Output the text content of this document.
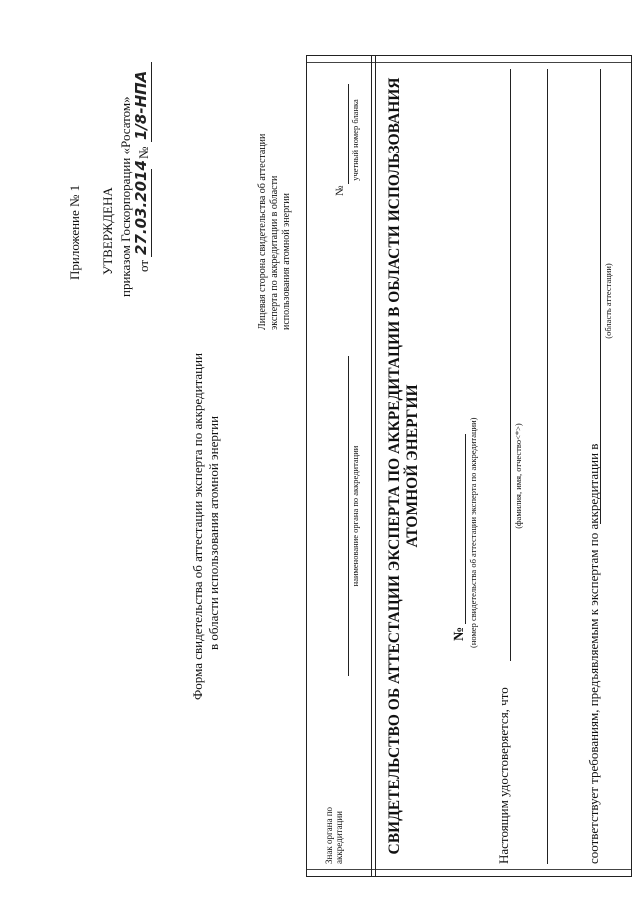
Приложение № 1 УТВЕРЖДЕНА приказом Госкорпорации «Росатом» от
27.03.2014
№
1/8-НПА
Форма свидетельства об аттестации эксперта по аккредитации в области использования атомной энергии
Лицевая сторона свидетельства об аттестации эксперта по аккредитации в области использования атомной энергии
Знак органа по аккредитации
наименование органа по аккредитации
№
учетный номер бланка СВИДЕТЕЛЬСТВО ОБ АТТЕСТАЦИИ ЭКСПЕРТА ПО АККРЕДИТАЦИИ В ОБЛАСТИ ИСПОЛЬЗОВАНИЯ АТОМНОЙ ЭНЕРГИИ
№ (номер свидетельства об аттестации эксперта по аккредитации)
Настоящим удостоверяется, что
(фамилия, имя, отчество<*>)	соответствует требованиям, предъявляемым к экспертам по аккредитации в
(область аттестации)
